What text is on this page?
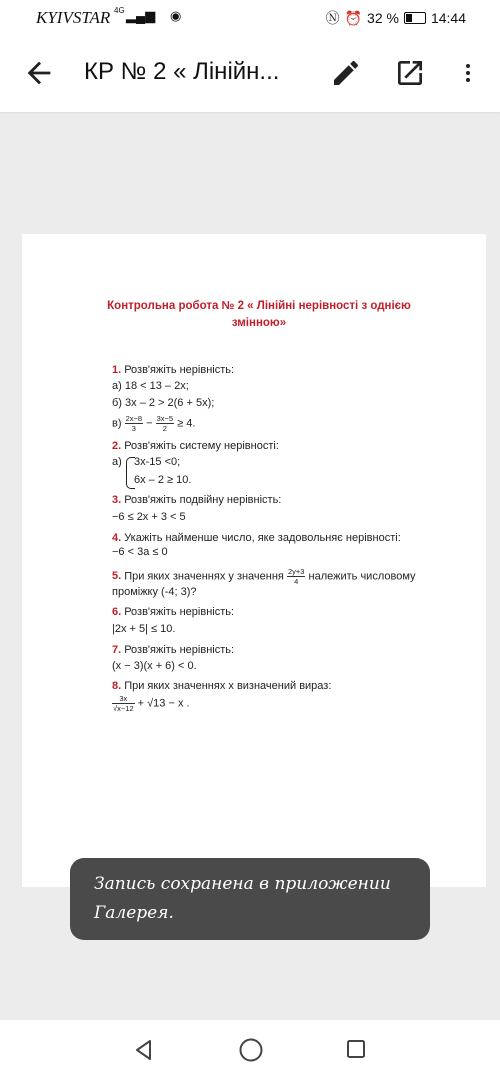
KYIVSTAR 4G ▂▄▆ ◉	Ⓝ ⏰ 32 % 14:44
КР № 2 « Лінійн...
Контрольна робота № 2 « Лінійні нерівності з однією
змінною»
1. Розв'яжіть нерівність:
а) 18 < 13 – 2х;
б) 3x – 2 > 2(6 + 5x);
$в) \frac{2x-8}{3} - \frac{3x-5}{2} \ge 4$.
2. Розв'яжіть систему нерівності:
а) 3x-15 <0;
6x – 2 ≥ 10.
3. Розв'яжіть подвійну нерівність:
−6 ≤ 2x + 3 < 5
4. Укажіть найменше число, яке задовольняє нерівності:
−6 < 3a ≤ 0
5. При яких значеннях у значення $\frac{2y+3}{4}$ належить числовому
проміжку (-4; 3)?
6. Розв'яжіть нерівність:
|2x + 5| ≤ 10.
7. Розв'яжіть нерівність:
(x − 3)(x + 6) < 0.
8. При яких значеннях х визначений вираз:
$\frac{3x}{√x-12} + √13 - x$ .
Запись сохранена в приложении Галерея.
